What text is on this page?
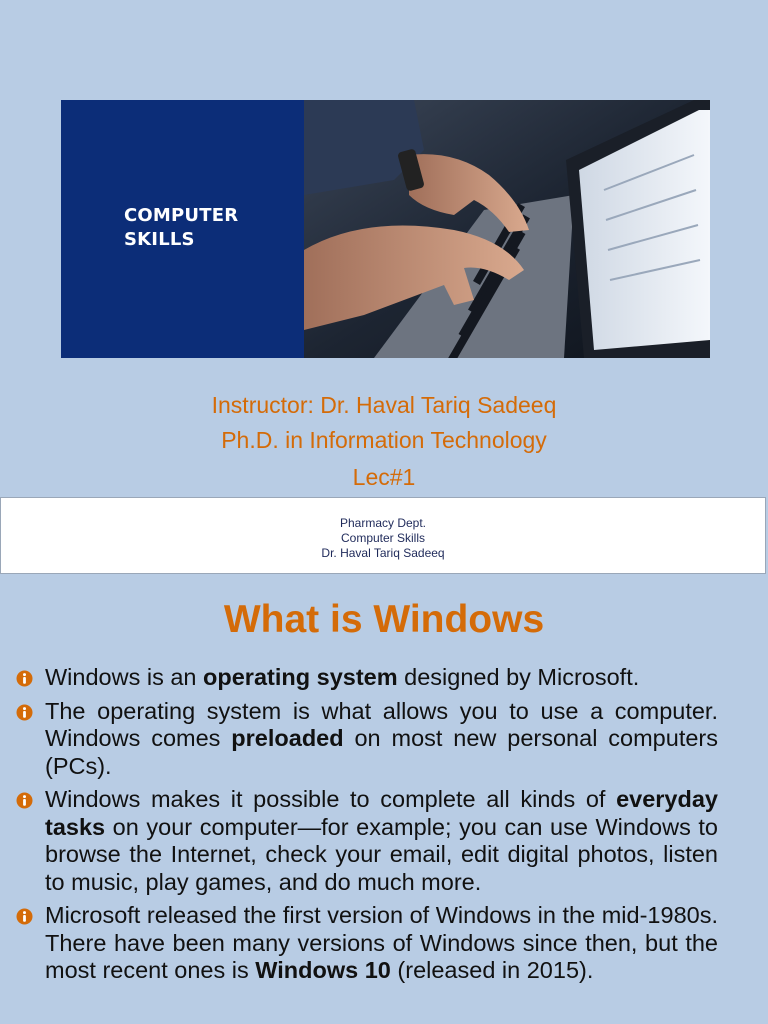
COMPUTER
SKILLS
Instructor: Dr. Haval Tariq Sadeeq
Ph.D. in Information Technology
Lec#1
Pharmacy Dept.
Computer Skills
Dr. Haval Tariq Sadeeq
What is Windows
Windows is an operating system designed by Microsoft.
The operating system is what allows you to use a computer. Windows comes preloaded on most new personal computers (PCs).
Windows makes it possible to complete all kinds of everyday tasks on your computer—for example; you can use Windows to browse the Internet, check your email, edit digital photos, listen to music, play games, and do much more.
Microsoft released the first version of Windows in the mid-1980s. There have been many versions of Windows since then, but the most recent ones is Windows 10 (released in 2015).
